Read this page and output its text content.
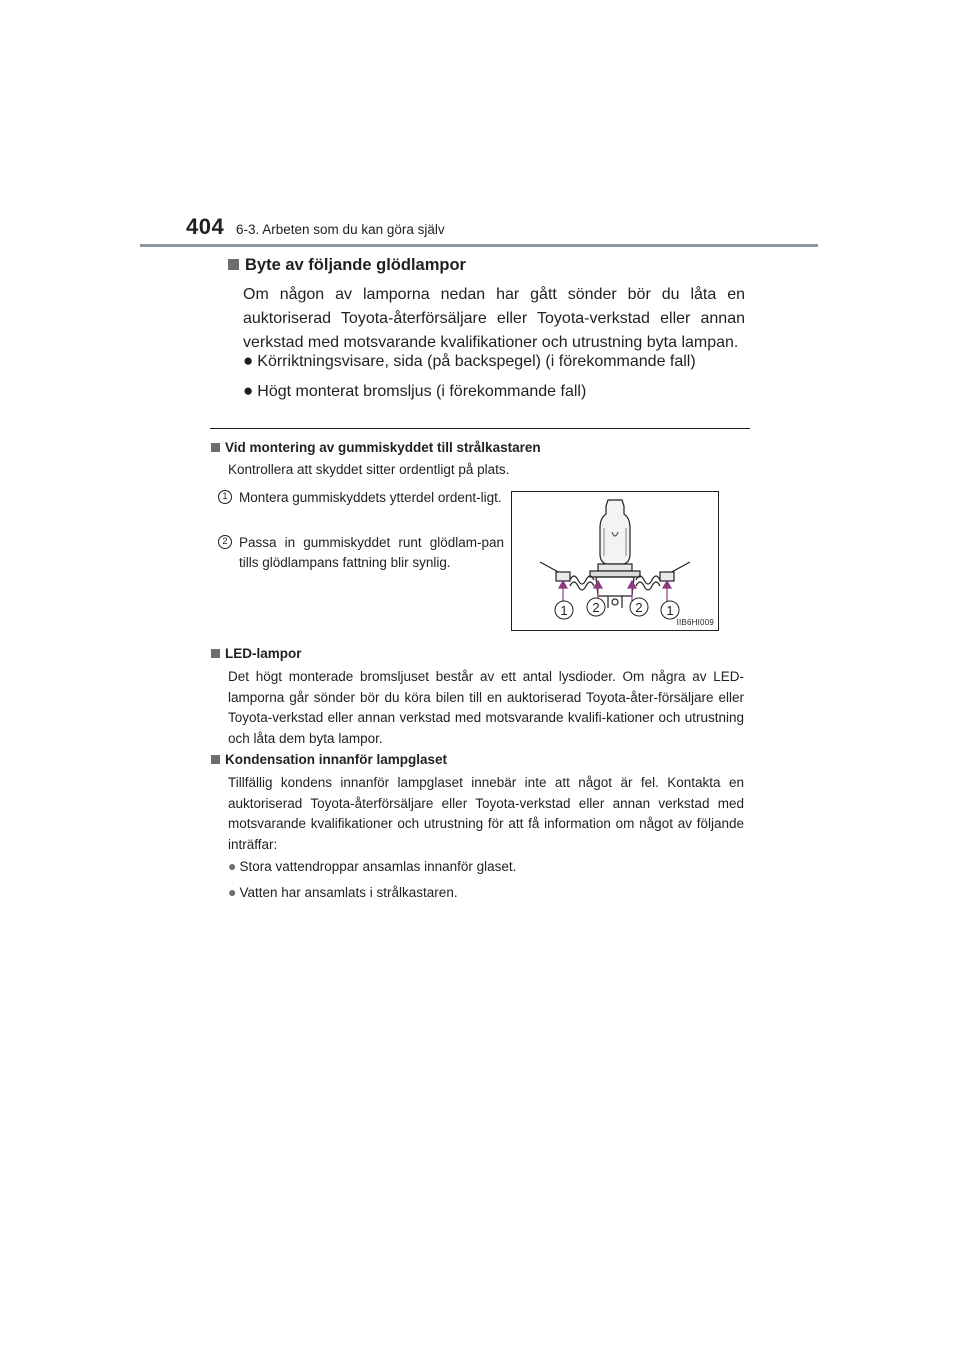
404 6-3. Arbeten som du kan göra själv
Byte av följande glödlampor

Om någon av lamporna nedan har gått sönder bör du låta en auktoriserad Toyota-återförsäljare eller Toyota-verkstad eller annan verkstad med motsvarande kvalifikationer och utrustning byta lampan.

● Körriktningsvisare, sida (på backspegel) (i förekommande fall)
● Högt monterat bromsljus (i förekommande fall)
Vid montering av gummiskyddet till strålkastaren

Kontrollera att skyddet sitter ordentligt på plats.

1 Montera gummiskyddets ytterdel ordent-ligt.
2 Passa in gummiskyddet runt glödlam-pan tills glödlampans fattning blir synlig.
1 2	2 1
IIB6HI009
LED-lampor

Det högt monterade bromsljuset består av ett antal lysdioder. Om några av LED-lamporna går sönder bör du köra bilen till en auktoriserad Toyota-åter-försäljare eller Toyota-verkstad eller annan verkstad med motsvarande kvalifi-kationer och utrustning och låta dem byta lampor.

Kondensation innanför lampglaset

Tillfällig kondens innanför lampglaset innebär inte att något är fel. Kontakta en auktoriserad Toyota-återförsäljare eller Toyota-verkstad eller annan verkstad med motsvarande kvalifikationer och utrustning för att få information om något av följande inträffar:

● Stora vattendroppar ansamlas innanför glaset.
● Vatten har ansamlats i strålkastaren.
